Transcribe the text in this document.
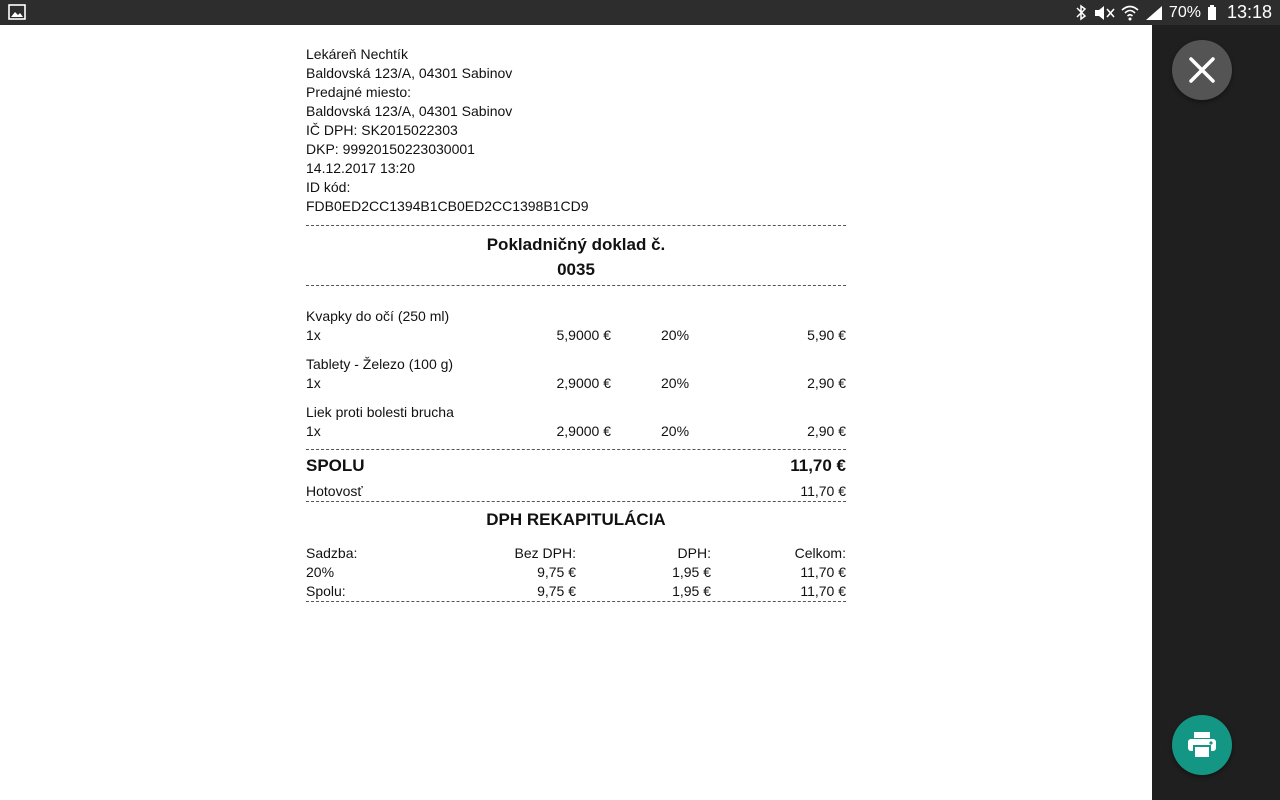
70% 13:18
Lekáreň Nechtík
Baldovská 123/A, 04301 Sabinov
Predajné miesto:
Baldovská 123/A, 04301 Sabinov
IČ DPH: SK2015022303
DKP: 99920150223030001
14.12.2017 13:20
ID kód:
FDB0ED2CC1394B1CB0ED2CC1398B1CD9
Pokladničný doklad č.
0035
Kvapky do očí (250 ml)
1x	5,9000 €	20%	5,90 €
Tablety - Železo (100 g)
1x	2,9000 €	20%	2,90 €
Liek proti bolesti brucha
1x	2,9000 €	20%	2,90 €
SPOLU	11,70 €
Hotovosť	11,70 €
DPH REKAPITULÁCIA
Sadzba:	Bez DPH:	DPH:	Celkom:
20%	9,75 €	1,95 €	11,70 €
Spolu:	9,75 €	1,95 €	11,70 €
